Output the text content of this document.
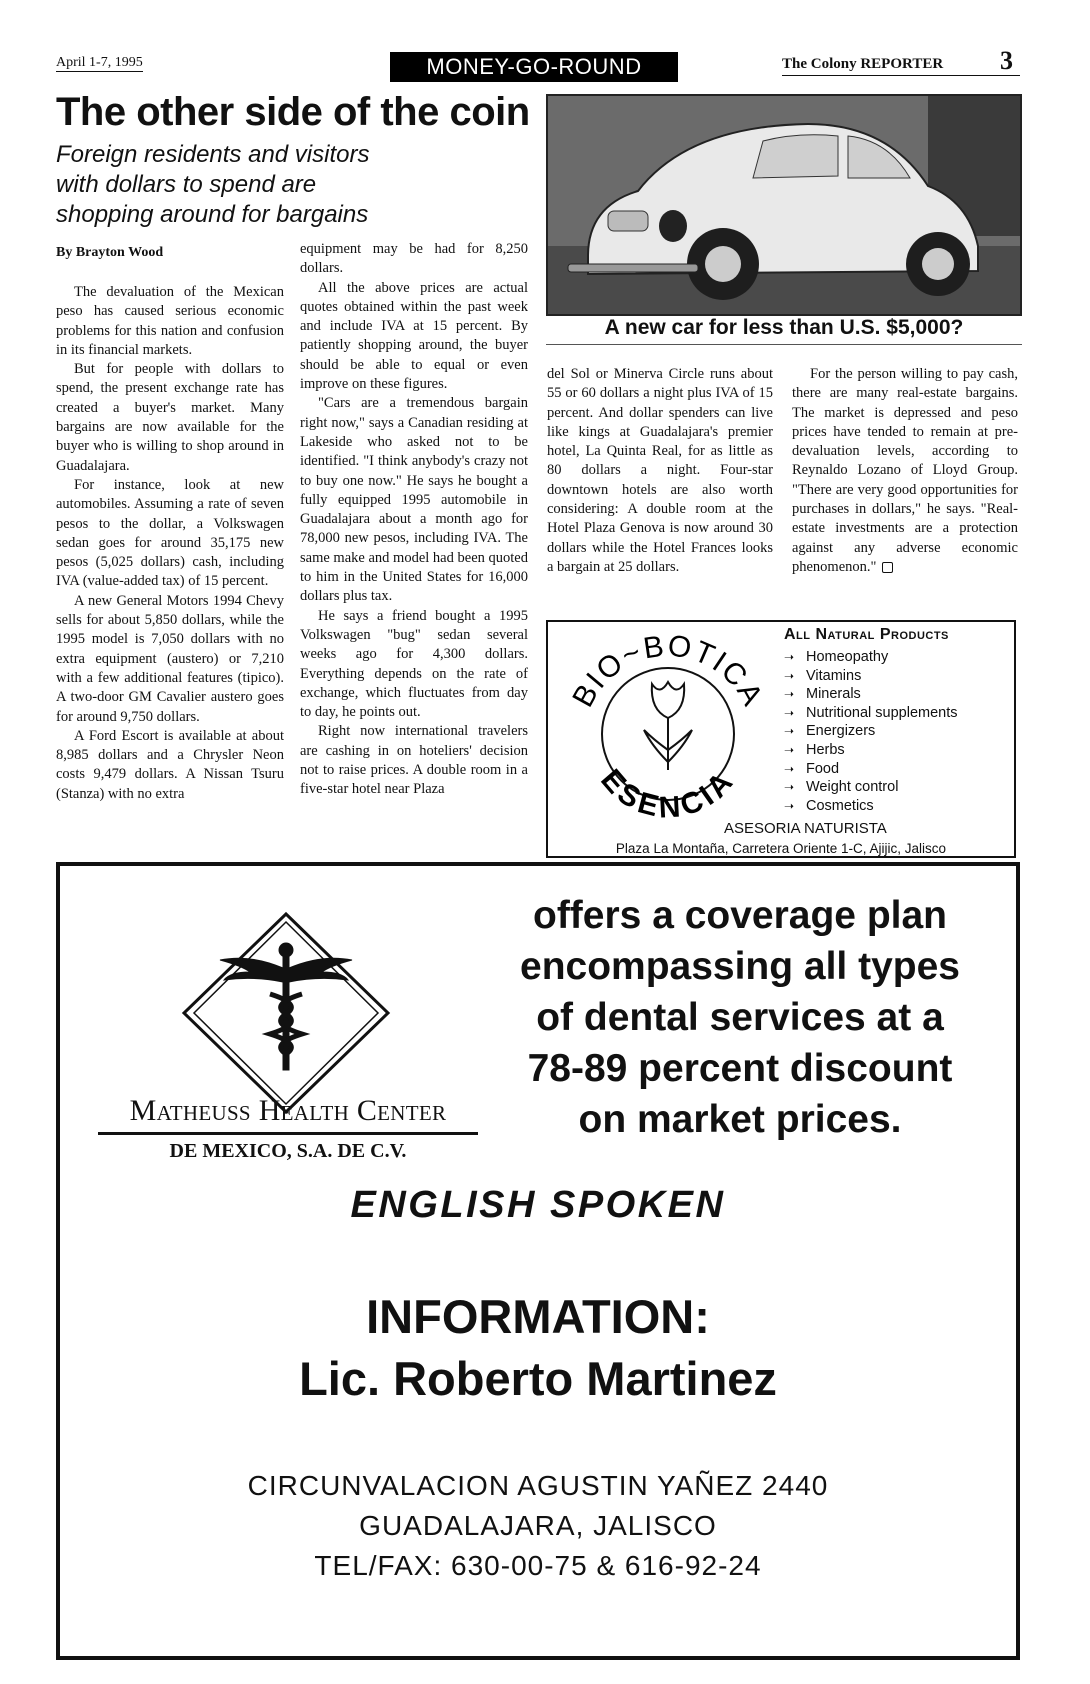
April 1-7, 1995	MONEY-GO-ROUND	The Colony REPORTER 3
The other side of the coin
Foreign residents and visitors
with dollars to spend are
shopping around for bargains
By Brayton Wood

The devaluation of the Mexican peso has caused serious economic problems for this nation and confusion in its financial markets.

But for people with dollars to spend, the present exchange rate has created a buyer's market. Many bargains are now available for the buyer who is willing to shop around in Guadalajara.

For instance, look at new automobiles. Assuming a rate of seven pesos to the dollar, a Volkswagen sedan goes for around 35,175 new pesos (5,025 dollars) cash, including IVA (value-added tax) of 15 percent.

A new General Motors 1994 Chevy sells for about 5,850 dollars, while the 1995 model is 7,050 dollars with no extra equipment (austero) or 7,210 with a few additional features (tipico). A two-door GM Cavalier austero goes for around 9,750 dollars.

A Ford Escort is available at about 8,985 dollars and a Chrysler Neon costs 9,479 dollars. A Nissan Tsuru (Stanza) with no extra

equipment may be had for 8,250 dollars.

All the above prices are actual quotes obtained within the past week and include IVA at 15 percent. By patiently shopping around, the buyer should be able to equal or even improve on these figures.

"Cars are a tremendous bargain right now," says a Canadian residing at Lakeside who asked not to be identified. "I think anybody's crazy not to buy one now." He says he bought a fully equipped 1995 automobile in Guadalajara about a month ago for 78,000 new pesos, including IVA. The same make and model had been quoted to him in the United States for 16,000 dollars plus tax.

He says a friend bought a 1995 Volkswagen "bug" sedan several weeks ago for 4,300 dollars. Everything depends on the rate of exchange, which fluctuates from day to day, he points out.

Right now international travelers are cashing in on hoteliers' decision not to raise prices. A double room in a five-star hotel near Plaza

A new car for less than U.S. $5,000?

del Sol or Minerva Circle runs about 55 or 60 dollars a night plus IVA of 15 percent. And dollar spenders can live like kings at Guadalajara's premier hotel, La Quinta Real, for as little as 80 dollars a night. Four-star downtown hotels are also worth considering: A double room at the Hotel Plaza Genova is now around 30 dollars while the Hotel Frances looks a bargain at 25 dollars.

For the person willing to pay cash, there are many real-estate bargains. The market is depressed and peso prices have tended to remain at pre-devaluation levels, according to Reynaldo Lozano of Lloyd Group. "There are very good opportunities for purchases in dollars," he says. "Real-estate investments are a protection against any adverse economic phenomenon."

BIO~BOTICA
ESENCIA
All Natural Products
➝ Homeopathy
➝ Vitamins
➝ Minerals
➝ Nutritional supplements
➝ Energizers
➝ Herbs
➝ Food
➝ Weight control
➝ Cosmetics
ASESORIA NATURISTA
Plaza La Montaña, Carretera Oriente 1-C, Ajijic, Jalisco
Matheuss Health Center
DE MEXICO, S.A. DE C.V.
offers a coverage plan
encompassing all types
of dental services at a
78-89 percent discount
on market prices.
ENGLISH SPOKEN
INFORMATION:
Lic. Roberto Martinez
CIRCUNVALACION AGUSTIN YAÑEZ 2440
GUADALAJARA, JALISCO
TEL/FAX: 630-00-75 & 616-92-24
